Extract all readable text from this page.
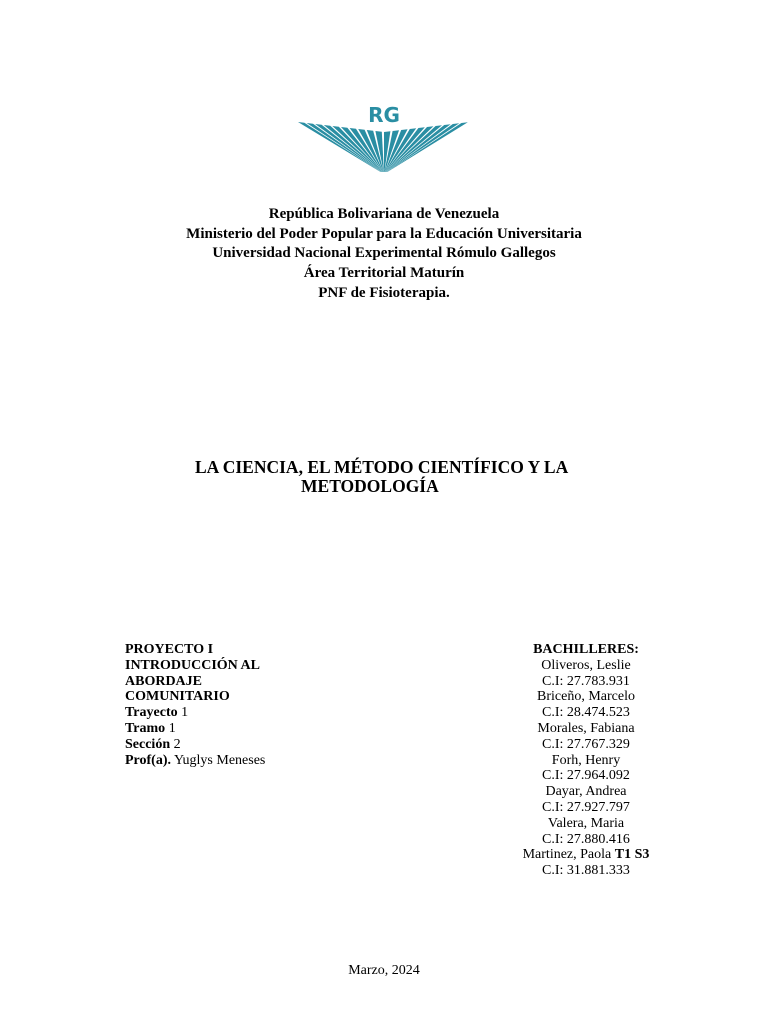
RG
República Bolivariana de Venezuela
Ministerio del Poder Popular para la Educación Universitaria
Universidad Nacional Experimental Rómulo Gallegos
Área Territorial Maturín
PNF de Fisioterapia.
LA CIENCIA, EL MÉTODO CIENTÍFICO Y LA
METODOLOGÍA
PROYECTO I
INTRODUCCIÓN AL
ABORDAJE
COMUNITARIO
Trayecto 1
Tramo 1
Sección 2
Prof(a). Yuglys Meneses
BACHILLERES:
Oliveros, Leslie
C.I: 27.783.931
Briceño, Marcelo
C.I: 28.474.523
Morales, Fabiana
C.I: 27.767.329
Forh, Henry
C.I: 27.964.092
Dayar, Andrea
C.I: 27.927.797
Valera, Maria
C.I: 27.880.416
Martinez, Paola T1 S3
C.I: 31.881.333
Marzo, 2024
